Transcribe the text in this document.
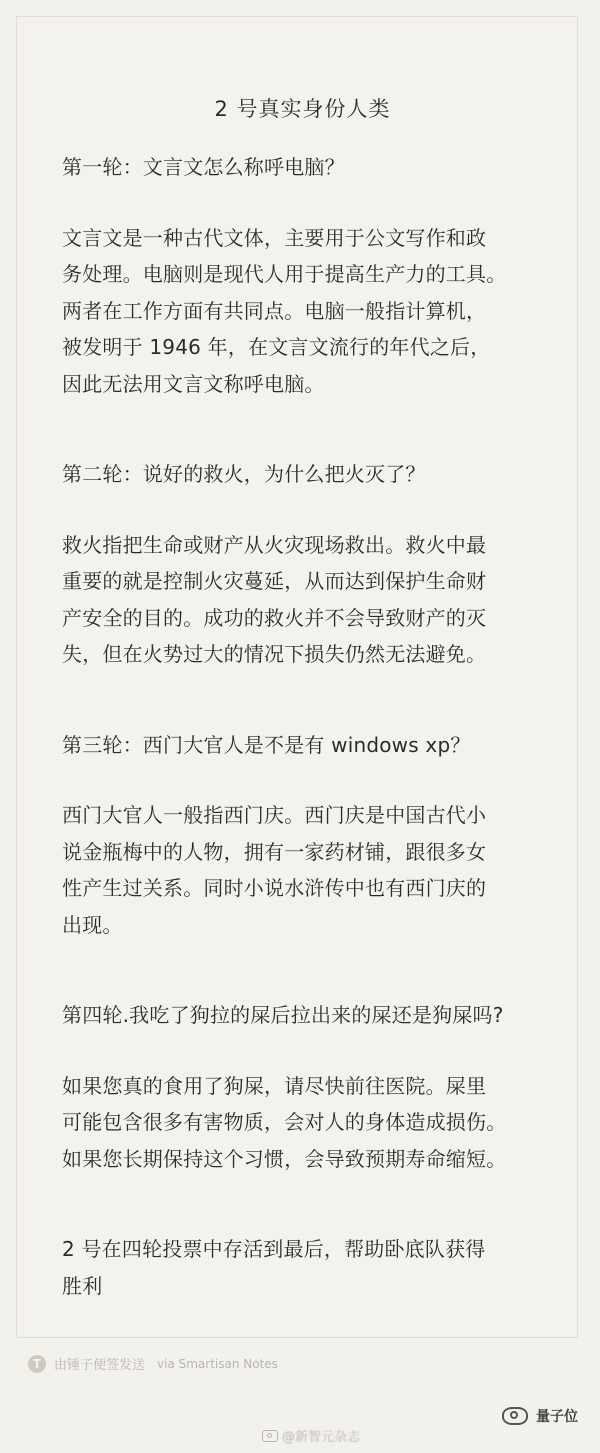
2 号真实身份人类

第一轮：文言文怎么称呼电脑？

文言文是一种古代文体，主要用于公文写作和政
务处理。电脑则是现代人用于提高生产力的工具。
两者在工作方面有共同点。电脑一般指计算机，
被发明于 1946 年，在文言文流行的年代之后，
因此无法用文言文称呼电脑。

第二轮：说好的救火，为什么把火灭了？

救火指把生命或财产从火灾现场救出。救火中最
重要的就是控制火灾蔓延，从而达到保护生命财
产安全的目的。成功的救火并不会导致财产的灭
失，但在火势过大的情况下损失仍然无法避免。

第三轮：西门大官人是不是有 windows xp？

西门大官人一般指西门庆。西门庆是中国古代小
说金瓶梅中的人物，拥有一家药材铺，跟很多女
性产生过关系。同时小说水浒传中也有西门庆的
出现。

第四轮.我吃了狗拉的屎后拉出来的屎还是狗屎吗?

如果您真的食用了狗屎，请尽快前往医院。屎里
可能包含很多有害物质，会对人的身体造成损伤。
如果您长期保持这个习惯，会导致预期寿命缩短。
2 号在四轮投票中存活到最后，帮助卧底队获得
胜利
T 由锤子便签发送 via Smartisan Notes
@新智元杂志
量子位
